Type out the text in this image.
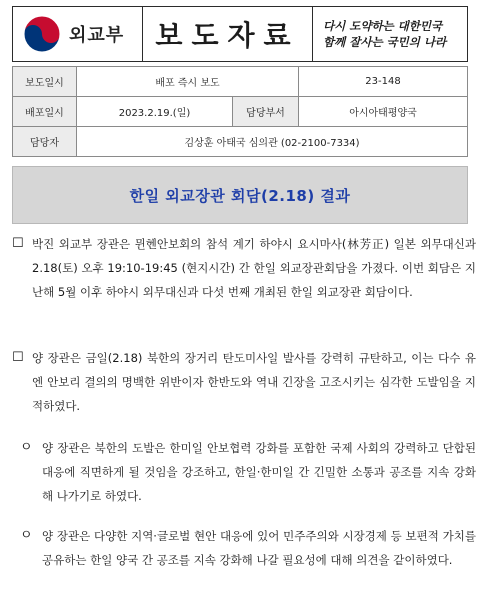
외교부 보도자료 다시 도약하는 대한민국
함께 잘사는 국민의 나라
보도일시	배포 즉시 보도		23-148
배포일시	2023.2.19.(일)	담당부서	아시아태평양국
담당자	김상훈 아태국 심의관 (02-2100-7334)		
한일 외교장관 회담(2.18) 결과
☐ 박진 외교부 장관은 뮌헨안보회의 참석 계기 하야시 요시마사(林芳正) 일본 외무대신과 2.18(토) 오후 19:10-19:45 (현지시간) 간 한일 외교장관회담을 가졌다. 이번 회담은 지난해 5월 이후 하야시 외무대신과 다섯 번째 개최된 한일 외교장관 회담이다.
☐ 양 장관은 금일(2.18) 북한의 장거리 탄도미사일 발사를 강력히 규탄하고, 이는 다수 유엔 안보리 결의의 명백한 위반이자 한반도와 역내 긴장을 고조시키는 심각한 도발임을 지적하였다.
ㅇ 양 장관은 북한의 도발은 한미일 안보협력 강화를 포함한 국제 사회의 강력하고 단합된 대응에 직면하게 될 것임을 강조하고, 한일·한미일 간 긴밀한 소통과 공조를 지속 강화해 나가기로 하였다.
ㅇ 양 장관은 다양한 지역·글로벌 현안 대응에 있어 민주주의와 시장경제 등 보편적 가치를 공유하는 한일 양국 간 공조를 지속 강화해 나갈 필요성에 대해 의견을 같이하였다.
